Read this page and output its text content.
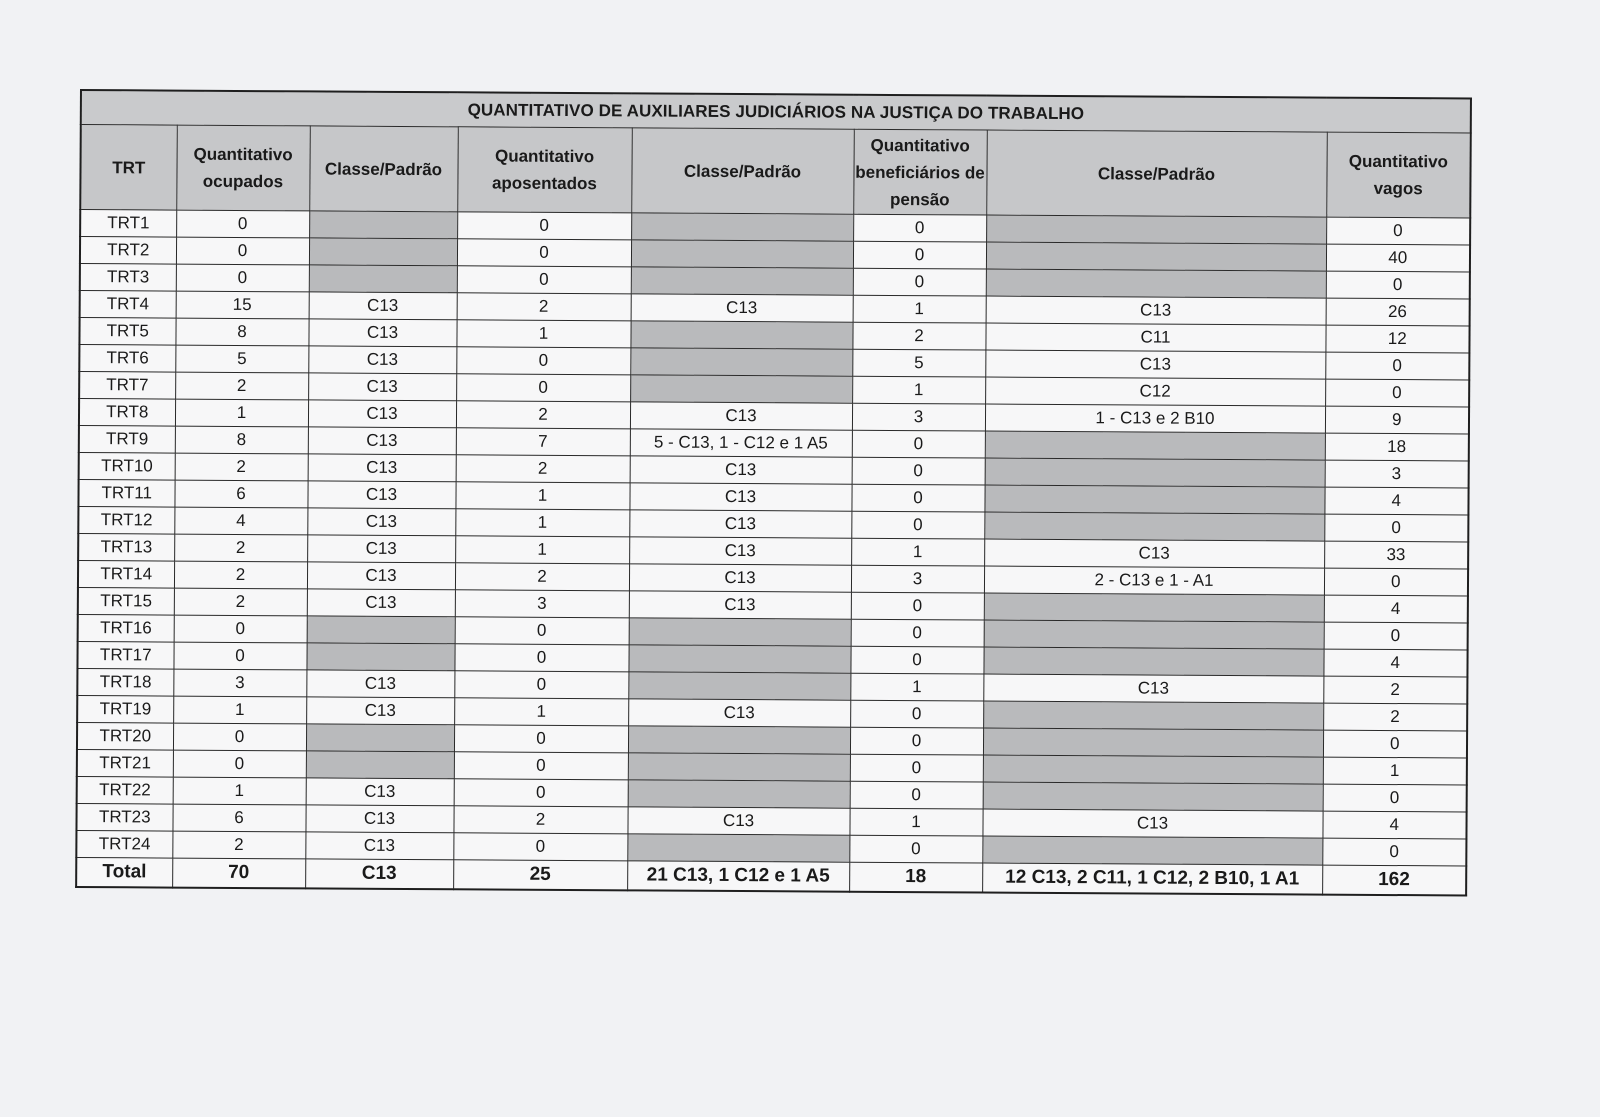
QUANTITATIVO DE AUXILIARES JUDICIÁRIOS NA JUSTIÇA DO TRABALHO							
TRT	Quantitativo ocupados	Classe/Padrão	Quantitativo aposentados	Classe/Padrão	Quantitativo beneficiários de pensão	Classe/Padrão	Quantitativo vagos
TRT1	0		0		0		0
TRT2	0		0		0		40
TRT3	0		0		0		0
TRT4	15	C13	2	C13	1	C13	26
TRT5	8	C13	1		2	C11	12
TRT6	5	C13	0		5	C13	0
TRT7	2	C13	0		1	C12	0
TRT8	1	C13	2	C13	3	1 - C13 e 2 B10	9
TRT9	8	C13	7	5 - C13, 1 - C12 e 1 A5	0		18
TRT10	2	C13	2	C13	0		3
TRT11	6	C13	1	C13	0		4
TRT12	4	C13	1	C13	0		0
TRT13	2	C13	1	C13	1	C13	33
TRT14	2	C13	2	C13	3	2 - C13 e 1 - A1	0
TRT15	2	C13	3	C13	0		4
TRT16	0		0		0		0
TRT17	0		0		0		4
TRT18	3	C13	0		1	C13	2
TRT19	1	C13	1	C13	0		2
TRT20	0		0		0		0
TRT21	0		0		0		1
TRT22	1	C13	0		0		0
TRT23	6	C13	2	C13	1	C13	4
TRT24	2	C13	0		0		0
Total	70	C13	25	21 C13, 1 C12 e 1 A5	18	12 C13, 2 C11, 1 C12, 2 B10, 1 A1	162
